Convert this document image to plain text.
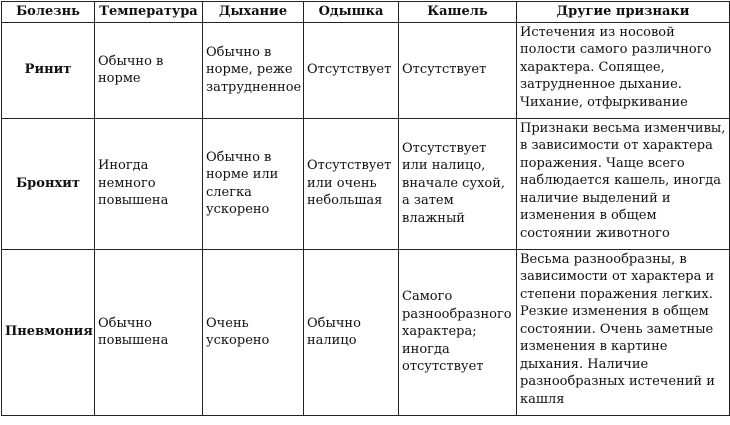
Болезнь	Температура	Дыхание	Одышка	Кашель	Другие признаки
Ринит	Обычно в норме	Обычно в норме, реже затрудненное	Отсутствует	Отсутствует	Истечения из носовой полости самого различного характера. Сопящее, затрудненное дыхание. Чихание, отфыркивание
Бронхит	Иногда немного повышена	Обычно в норме или слегка ускорено	Отсутствует или очень небольшая	Отсутствует или налицо, вначале сухой, а затем влажный	Признаки весьма изменчивы, в зависимости от характера поражения. Чаще всего наблюдается кашель, иногда наличие выделений и изменения в общем состоянии животного
Пневмония	Обычно повышена	Очень ускорено	Обычно налицо	Самого разнообразного характера; иногда отсутствует	Весьма разнообразны, в зависимости от характера и степени поражения легких. Резкие изменения в общем состоянии. Очень заметные изменения в картине дыхания. Наличие разнообразных истечений и кашля
